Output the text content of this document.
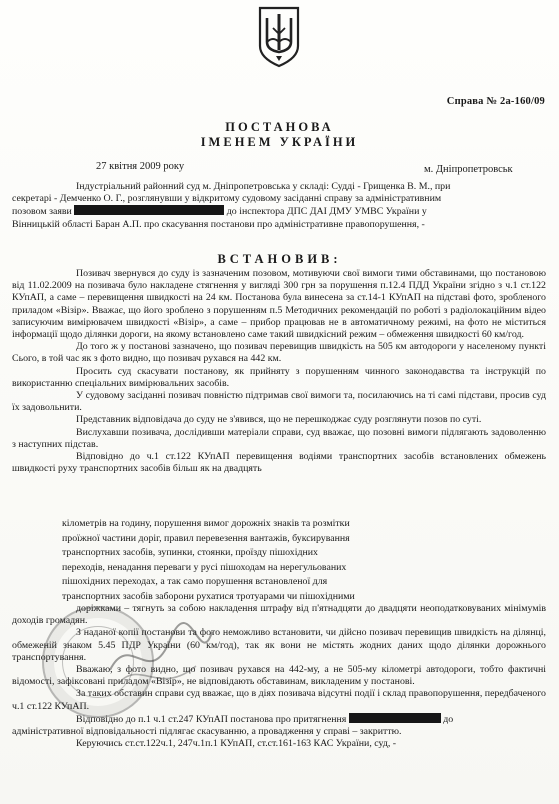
Справа № 2а-160/09
ПОСТАНОВА
ІМЕНЕМ УКРАЇНИ
27 квітня 2009 року	м. Дніпропетровськ
Індустріальний районний суд м. Дніпропетровська у складі: Судді - Грищенка В. М., при
секретарі - Демченко О. Г., розглянувши у відкритому судовому засіданні справу за адміністративним
позовом заяви	до інспектора ДПС ДАІ ДМУ УМВС України у
Вінницькій області Баран А.П. про скасування постанови про адміністративне правопорушення, -
ВСТАНОВИВ:

Позивач звернувся до суду із зазначеним позовом, мотивуючи свої вимоги тими обставинами, що постановою від 11.02.2009 на позивача було накладене стягнення у вигляді 300 грн за порушення п.12.4 ПДД України згідно з ч.1 ст.122 КУпАП, а саме – перевищення швидкості на 24 км. Постанова була винесена за ст.14-1 КУпАП на підставі фото, зробленого приладом «Візір». Вважає, що його зроблено з порушенням п.5 Методичних рекомендацій по роботі з радіолокаційним відео записуючим вимірювачем швидкості «Візір», а саме – прибор працював не в автоматичному режимі, на фото не міститься інформації щодо ділянки дороги, на якому встановлено саме такий швидкісний режим – обмеження швидкості 60 км/год.

До того ж у постанові зазначено, що позивач перевищив швидкість на 505 км автодороги у населеному пункті Сього, в той час як з фото видно, що позивач рухався на 442 км.

Просить суд скасувати постанову, як прийняту з порушенням чинного законодавства та інструкцій по використанню спеціальних вимірювальних засобів.

У судовому засіданні позивач повністю підтримав свої вимоги та, посилаючись на ті самі підстави, просив суд їх задовольнити.

Представник відповідача до суду не з'явився, що не перешкоджає суду розглянути позов по суті.

Вислухавши позивача, дослідивши матеріали справи, суд вважає, що позовні вимоги підлягають задоволенню з наступних підстав.

Відповідно до ч.1 ст.122 КУпАП перевищення водіями транспортних засобів встановлених обмежень швидкості руху транспортних засобів більш як на двадцять

кілометрів на годину, порушення вимог дорожніх знаків та розмітки
проїжної частини доріг, правил перевезення вантажів, буксирування
транспортних засобів, зупинки, стоянки, проїзду пішохідних
переходів, ненадання переваги у русі пішоходам на нерегульованих
пішохідних переходах, а так само порушення встановленої для
транспортних засобів заборони рухатися тротуарами чи пішохідними

доріжками – тягнуть за собою накладення штрафу від п'ятнадцяти до двадцяти неоподатковуваних мінімумів доходів громадян.

З наданої копії постанови та фото неможливо встановити, чи дійсно позивач перевищив швидкість на ділянці, обмеженій знаком 5.45 ПДР України (60 км/год), так як вони не містять жодних даних щодо ділянки дорожнього транспортування.

Вважаю, з фото видно, що позивач рухався на 442-му, а не 505-му кілометрі автодороги, тобто фактичні відомості, зафіксовані приладом «Візір», не відповідають обставинам, викладеним у постанові.

За таких обставин справи суд вважає, що в діях позивача відсутні події і склад правопорушення, передбаченого ч.1 ст.122 КУпАП.

Відповідно до п.1 ч.1 ст.247 КУпАП постанова про притягнення	до

адміністративної відповідальності підлягає скасуванню, а провадження у справі – закриттю.

Керуючись ст.ст.122ч.1, 247ч.1п.1 КУпАП, ст.ст.161-163 КАС України, суд, -
